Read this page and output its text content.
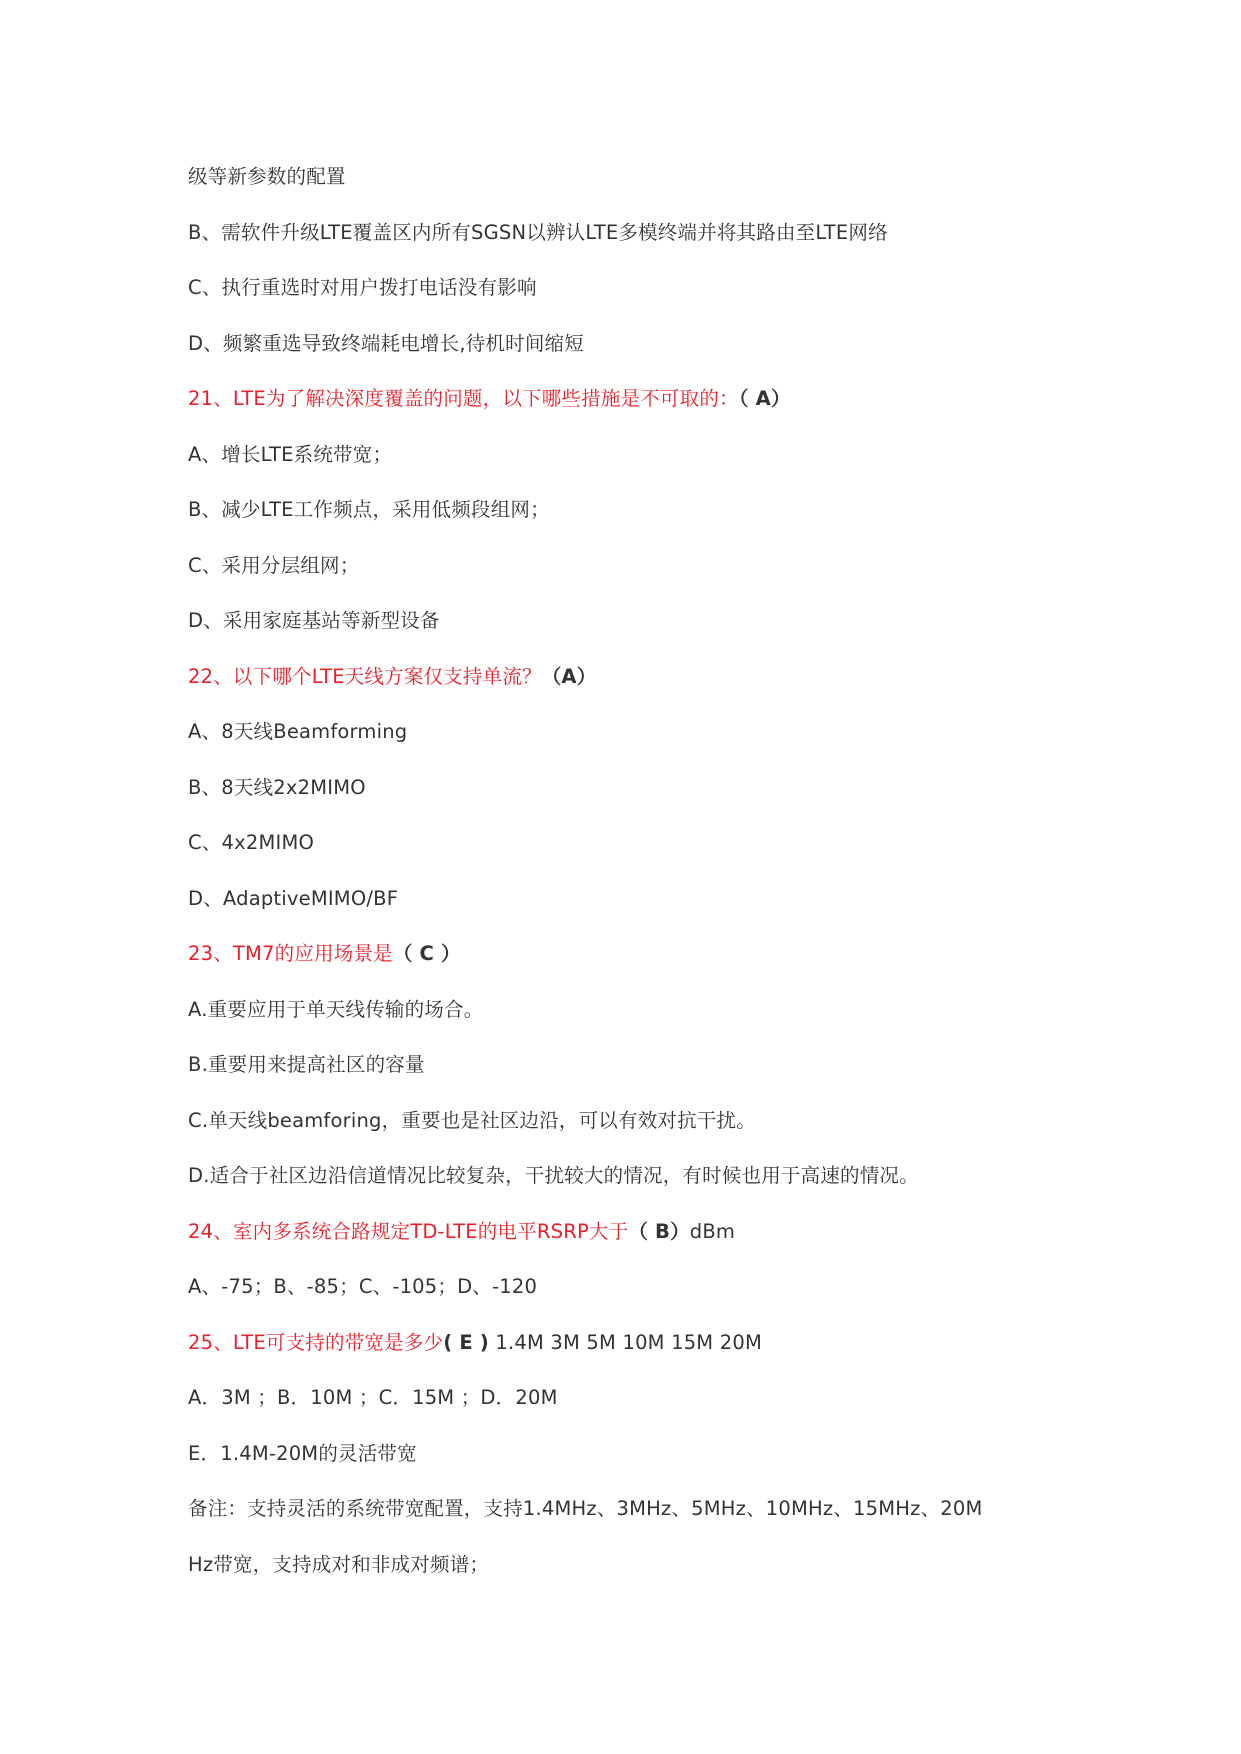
级等新参数的配置
B、需软件升级LTE覆盖区内所有SGSN以辨认LTE多模终端并将其路由至LTE网络
C、执行重选时对用户拨打电话没有影响
D、频繁重选导致终端耗电增长,待机时间缩短
21、LTE为了解决深度覆盖的问题，以下哪些措施是不可取的：（ A）
A、增长LTE系统带宽；
B、减少LTE工作频点，采用低频段组网；
C、采用分层组网；
D、采用家庭基站等新型设备
22、以下哪个LTE天线方案仅支持单流？（A）
A、8天线Beamforming
B、8天线2x2MIMO
C、4x2MIMO
D、AdaptiveMIMO/BF
23、TM7的应用场景是（ C ）
A.重要应用于单天线传输的场合。
B.重要用来提高社区的容量
C.单天线beamforing，重要也是社区边沿，可以有效对抗干扰。
D.适合于社区边沿信道情况比较复杂，干扰较大的情况，有时候也用于高速的情况。
24、室内多系统合路规定TD-LTE的电平RSRP大于（ B）dBm
A、-75；B、-85；C、-105；D、-120
25、LTE可支持的带宽是多少( E ) 1.4M 3M 5M 10M 15M 20M
A．3M ；B．10M ；C．15M ；D．20M
E．1.4M-20M的灵活带宽
备注：支持灵活的系统带宽配置，支持1.4MHz、3MHz、5MHz、10MHz、15MHz、20M
Hz带宽，支持成对和非成对频谱；
